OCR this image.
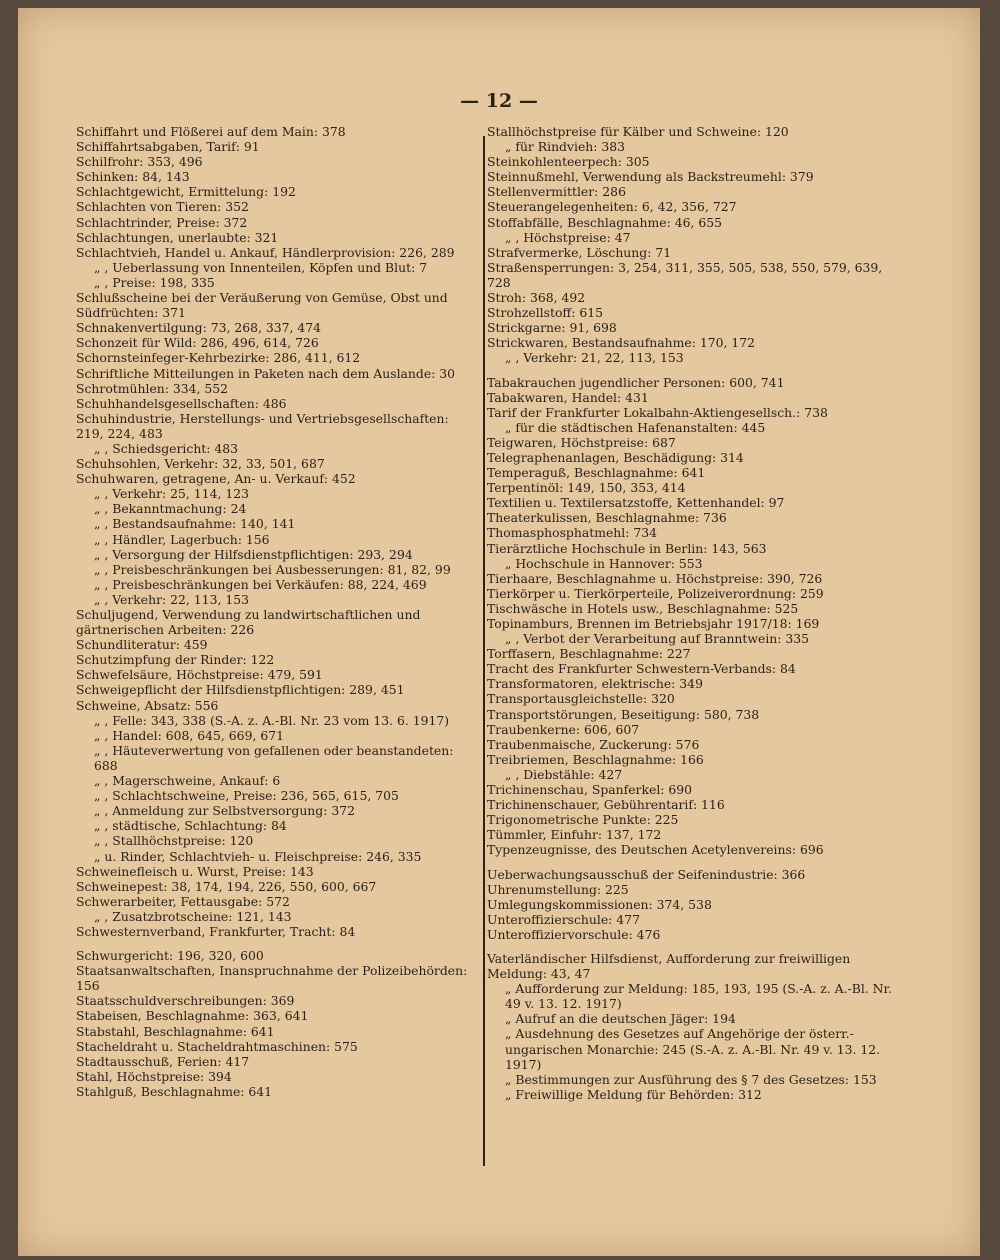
— 12 —

Schiffahrt und Flößerei auf dem Main: 378

Schiffahrtsabgaben, Tarif: 91

Schilfrohr: 353, 496

Schinken: 84, 143

Schlachtgewicht, Ermittelung: 192

Schlachten von Tieren: 352

Schlachtrinder, Preise: 372

Schlachtungen, unerlaubte: 321

Schlachtvieh, Handel u. Ankauf, Händlerprovision: 226, 289

„ , Ueberlassung von Innenteilen, Köpfen und Blut: 7

„ , Preise: 198, 335

Schlußscheine bei der Veräußerung von Gemüse, Obst und Südfrüchten: 371

Schnakenvertilgung: 73, 268, 337, 474

Schonzeit für Wild: 286, 496, 614, 726

Schornsteinfeger-Kehrbezirke: 286, 411, 612

Schriftliche Mitteilungen in Paketen nach dem Auslande: 30

Schrotmühlen: 334, 552

Schuhhandelsgesellschaften: 486

Schuhindustrie, Herstellungs- und Vertriebsgesellschaften: 219, 224, 483

„ , Schiedsgericht: 483

Schuhsohlen, Verkehr: 32, 33, 501, 687

Schuhwaren, getragene, An- u. Verkauf: 452

„ , Verkehr: 25, 114, 123

„ , Bekanntmachung: 24

„ , Bestandsaufnahme: 140, 141

„ , Händler, Lagerbuch: 156

„ , Versorgung der Hilfsdienstpflichtigen: 293, 294

„ , Preisbeschränkungen bei Ausbesserungen: 81, 82, 99

„ , Preisbeschränkungen bei Verkäufen: 88, 224, 469

„ , Verkehr: 22, 113, 153

Schuljugend, Verwendung zu landwirtschaftlichen und gärtnerischen Arbeiten: 226

Schundliteratur: 459

Schutzimpfung der Rinder: 122

Schwefelsäure, Höchstpreise: 479, 591

Schweigepflicht der Hilfsdienstpflichtigen: 289, 451

Schweine, Absatz: 556

„ , Felle: 343, 338 (S.-A. z. A.-Bl. Nr. 23 vom 13. 6. 1917)

„ , Handel: 608, 645, 669, 671

„ , Häuteverwertung von gefallenen oder beanstandeten: 688

„ , Magerschweine, Ankauf: 6

„ , Schlachtschweine, Preise: 236, 565, 615, 705

„ , Anmeldung zur Selbstversorgung: 372

„ , städtische, Schlachtung: 84

„ , Stallhöchstpreise: 120

„ u. Rinder, Schlachtvieh- u. Fleischpreise: 246, 335

Schweinefleisch u. Wurst, Preise: 143

Schweinepest: 38, 174, 194, 226, 550, 600, 667

Schwerarbeiter, Fettausgabe: 572

„ , Zusatzbrotscheine: 121, 143

Schwesternverband, Frankfurter, Tracht: 84

Schwurgericht: 196, 320, 600

Staatsanwaltschaften, Inanspruchnahme der Polizeibehörden: 156

Staatsschuldverschreibungen: 369

Stabeisen, Beschlagnahme: 363, 641

Stabstahl, Beschlagnahme: 641

Stacheldraht u. Stacheldrahtmaschinen: 575

Stadtausschuß, Ferien: 417

Stahl, Höchstpreise: 394

Stahlguß, Beschlagnahme: 641

Stallhöchstpreise für Kälber und Schweine: 120

„ für Rindvieh: 383

Steinkohlenteerpech: 305

Steinnußmehl, Verwendung als Backstreumehl: 379

Stellenvermittler: 286

Steuerangelegenheiten: 6, 42, 356, 727

Stoffabfälle, Beschlagnahme: 46, 655

„ , Höchstpreise: 47

Strafvermerke, Löschung: 71

Straßensperrungen: 3, 254, 311, 355, 505, 538, 550, 579, 639, 728

Stroh: 368, 492

Strohzellstoff: 615

Strickgarne: 91, 698

Strickwaren, Bestandsaufnahme: 170, 172

„ , Verkehr: 21, 22, 113, 153

Tabakrauchen jugendlicher Personen: 600, 741

Tabakwaren, Handel: 431

Tarif der Frankfurter Lokalbahn-Aktiengesellsch.: 738

„ für die städtischen Hafenanstalten: 445

Teigwaren, Höchstpreise: 687

Telegraphenanlagen, Beschädigung: 314

Temperaguß, Beschlagnahme: 641

Terpentinöl: 149, 150, 353, 414

Textilien u. Textilersatzstoffe, Kettenhandel: 97

Theaterkulissen, Beschlagnahme: 736

Thomasphosphatmehl: 734

Tierärztliche Hochschule in Berlin: 143, 563

„ Hochschule in Hannover: 553

Tierhaare, Beschlagnahme u. Höchstpreise: 390, 726

Tierkörper u. Tierkörperteile, Polizeiverordnung: 259

Tischwäsche in Hotels usw., Beschlagnahme: 525

Topinamburs, Brennen im Betriebsjahr 1917/18: 169

„ , Verbot der Verarbeitung auf Branntwein: 335

Torffasern, Beschlagnahme: 227

Tracht des Frankfurter Schwestern-Verbands: 84

Transformatoren, elektrische: 349

Transportausgleichstelle: 320

Transportstörungen, Beseitigung: 580, 738

Traubenkerne: 606, 607

Traubenmaische, Zuckerung: 576

Treibriemen, Beschlagnahme: 166

„ , Diebstähle: 427

Trichinenschau, Spanferkel: 690

Trichinenschauer, Gebührentarif: 116

Trigonometrische Punkte: 225

Tümmler, Einfuhr: 137, 172

Typenzeugnisse, des Deutschen Acetylenvereins: 696

Ueberwachungsausschuß der Seifenindustrie: 366

Uhrenumstellung: 225

Umlegungskommissionen: 374, 538

Unteroffizierschule: 477

Unteroffiziervorschule: 476

Vaterländischer Hilfsdienst, Aufforderung zur freiwilligen Meldung: 43, 47

„ Aufforderung zur Meldung: 185, 193, 195 (S.-A. z. A.-Bl. Nr. 49 v. 13. 12. 1917)

„ Aufruf an die deutschen Jäger: 194

„ Ausdehnung des Gesetzes auf Angehörige der österr.-ungarischen Monarchie: 245 (S.-A. z. A.-Bl. Nr. 49 v. 13. 12. 1917)

„ Bestimmungen zur Ausführung des § 7 des Gesetzes: 153

„ Freiwillige Meldung für Behörden: 312
